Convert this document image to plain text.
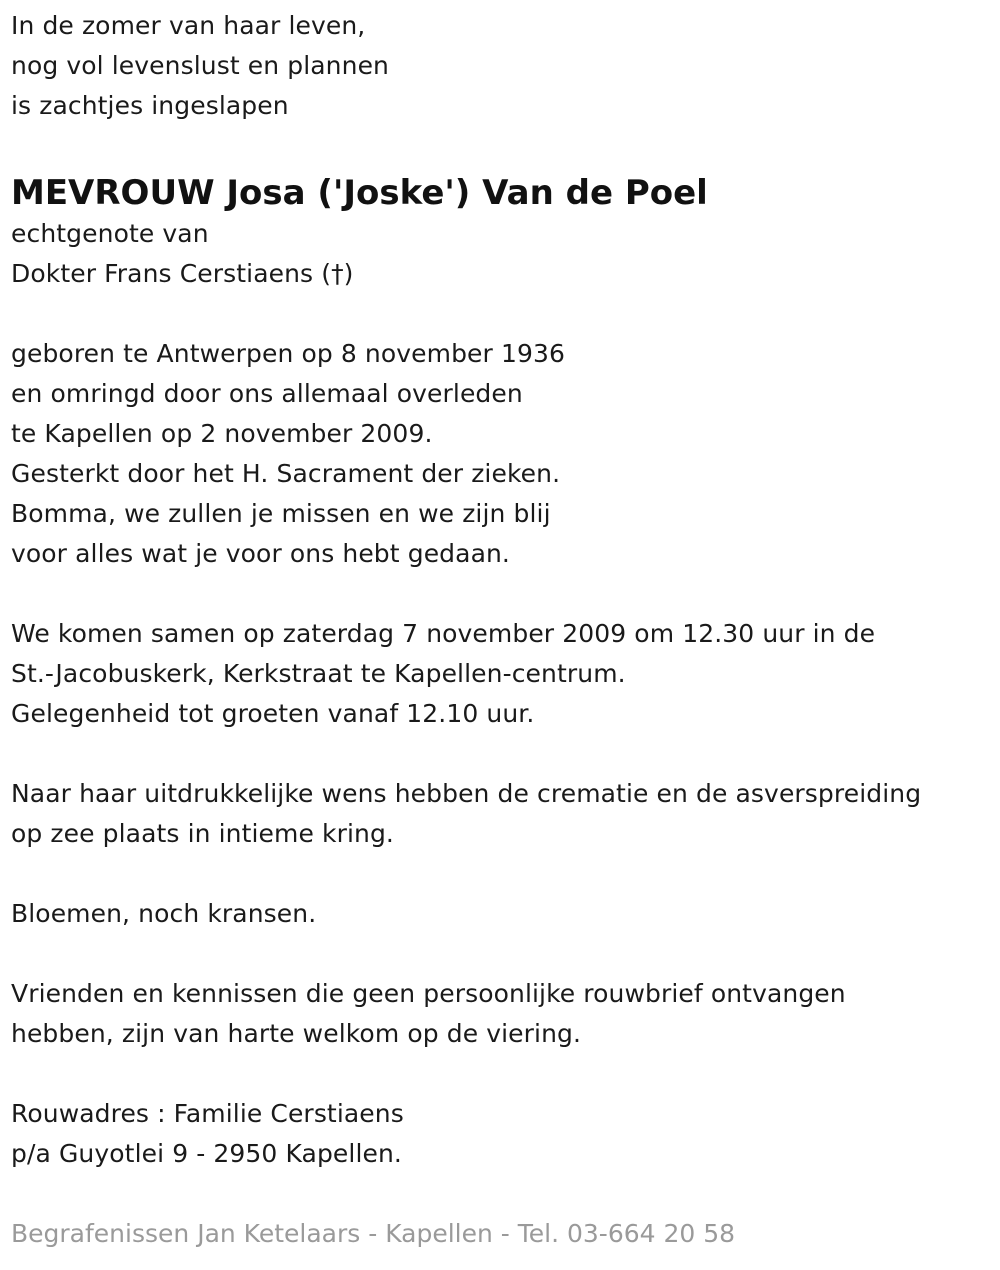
In de zomer van haar leven,
nog vol levenslust en plannen
is zachtjes ingeslapen
MEVROUW Josa ('Joske') Van de Poel
echtgenote van
Dokter Frans Cerstiaens (†)
geboren te Antwerpen op 8 november 1936
en omringd door ons allemaal overleden
te Kapellen op 2 november 2009.
Gesterkt door het H. Sacrament der zieken.
Bomma, we zullen je missen en we zijn blij
voor alles wat je voor ons hebt gedaan.
We komen samen op zaterdag 7 november 2009 om 12.30 uur in de
St.-Jacobuskerk, Kerkstraat te Kapellen-centrum.
Gelegenheid tot groeten vanaf 12.10 uur.
Naar haar uitdrukkelijke wens hebben de crematie en de asverspreiding
op zee plaats in intieme kring.
Bloemen, noch kransen.
Vrienden en kennissen die geen persoonlijke rouwbrief ontvangen
hebben, zijn van harte welkom op de viering.
Rouwadres : Familie Cerstiaens
p/a Guyotlei 9 - 2950 Kapellen.
Begrafenissen Jan Ketelaars - Kapellen - Tel. 03-664 20 58
